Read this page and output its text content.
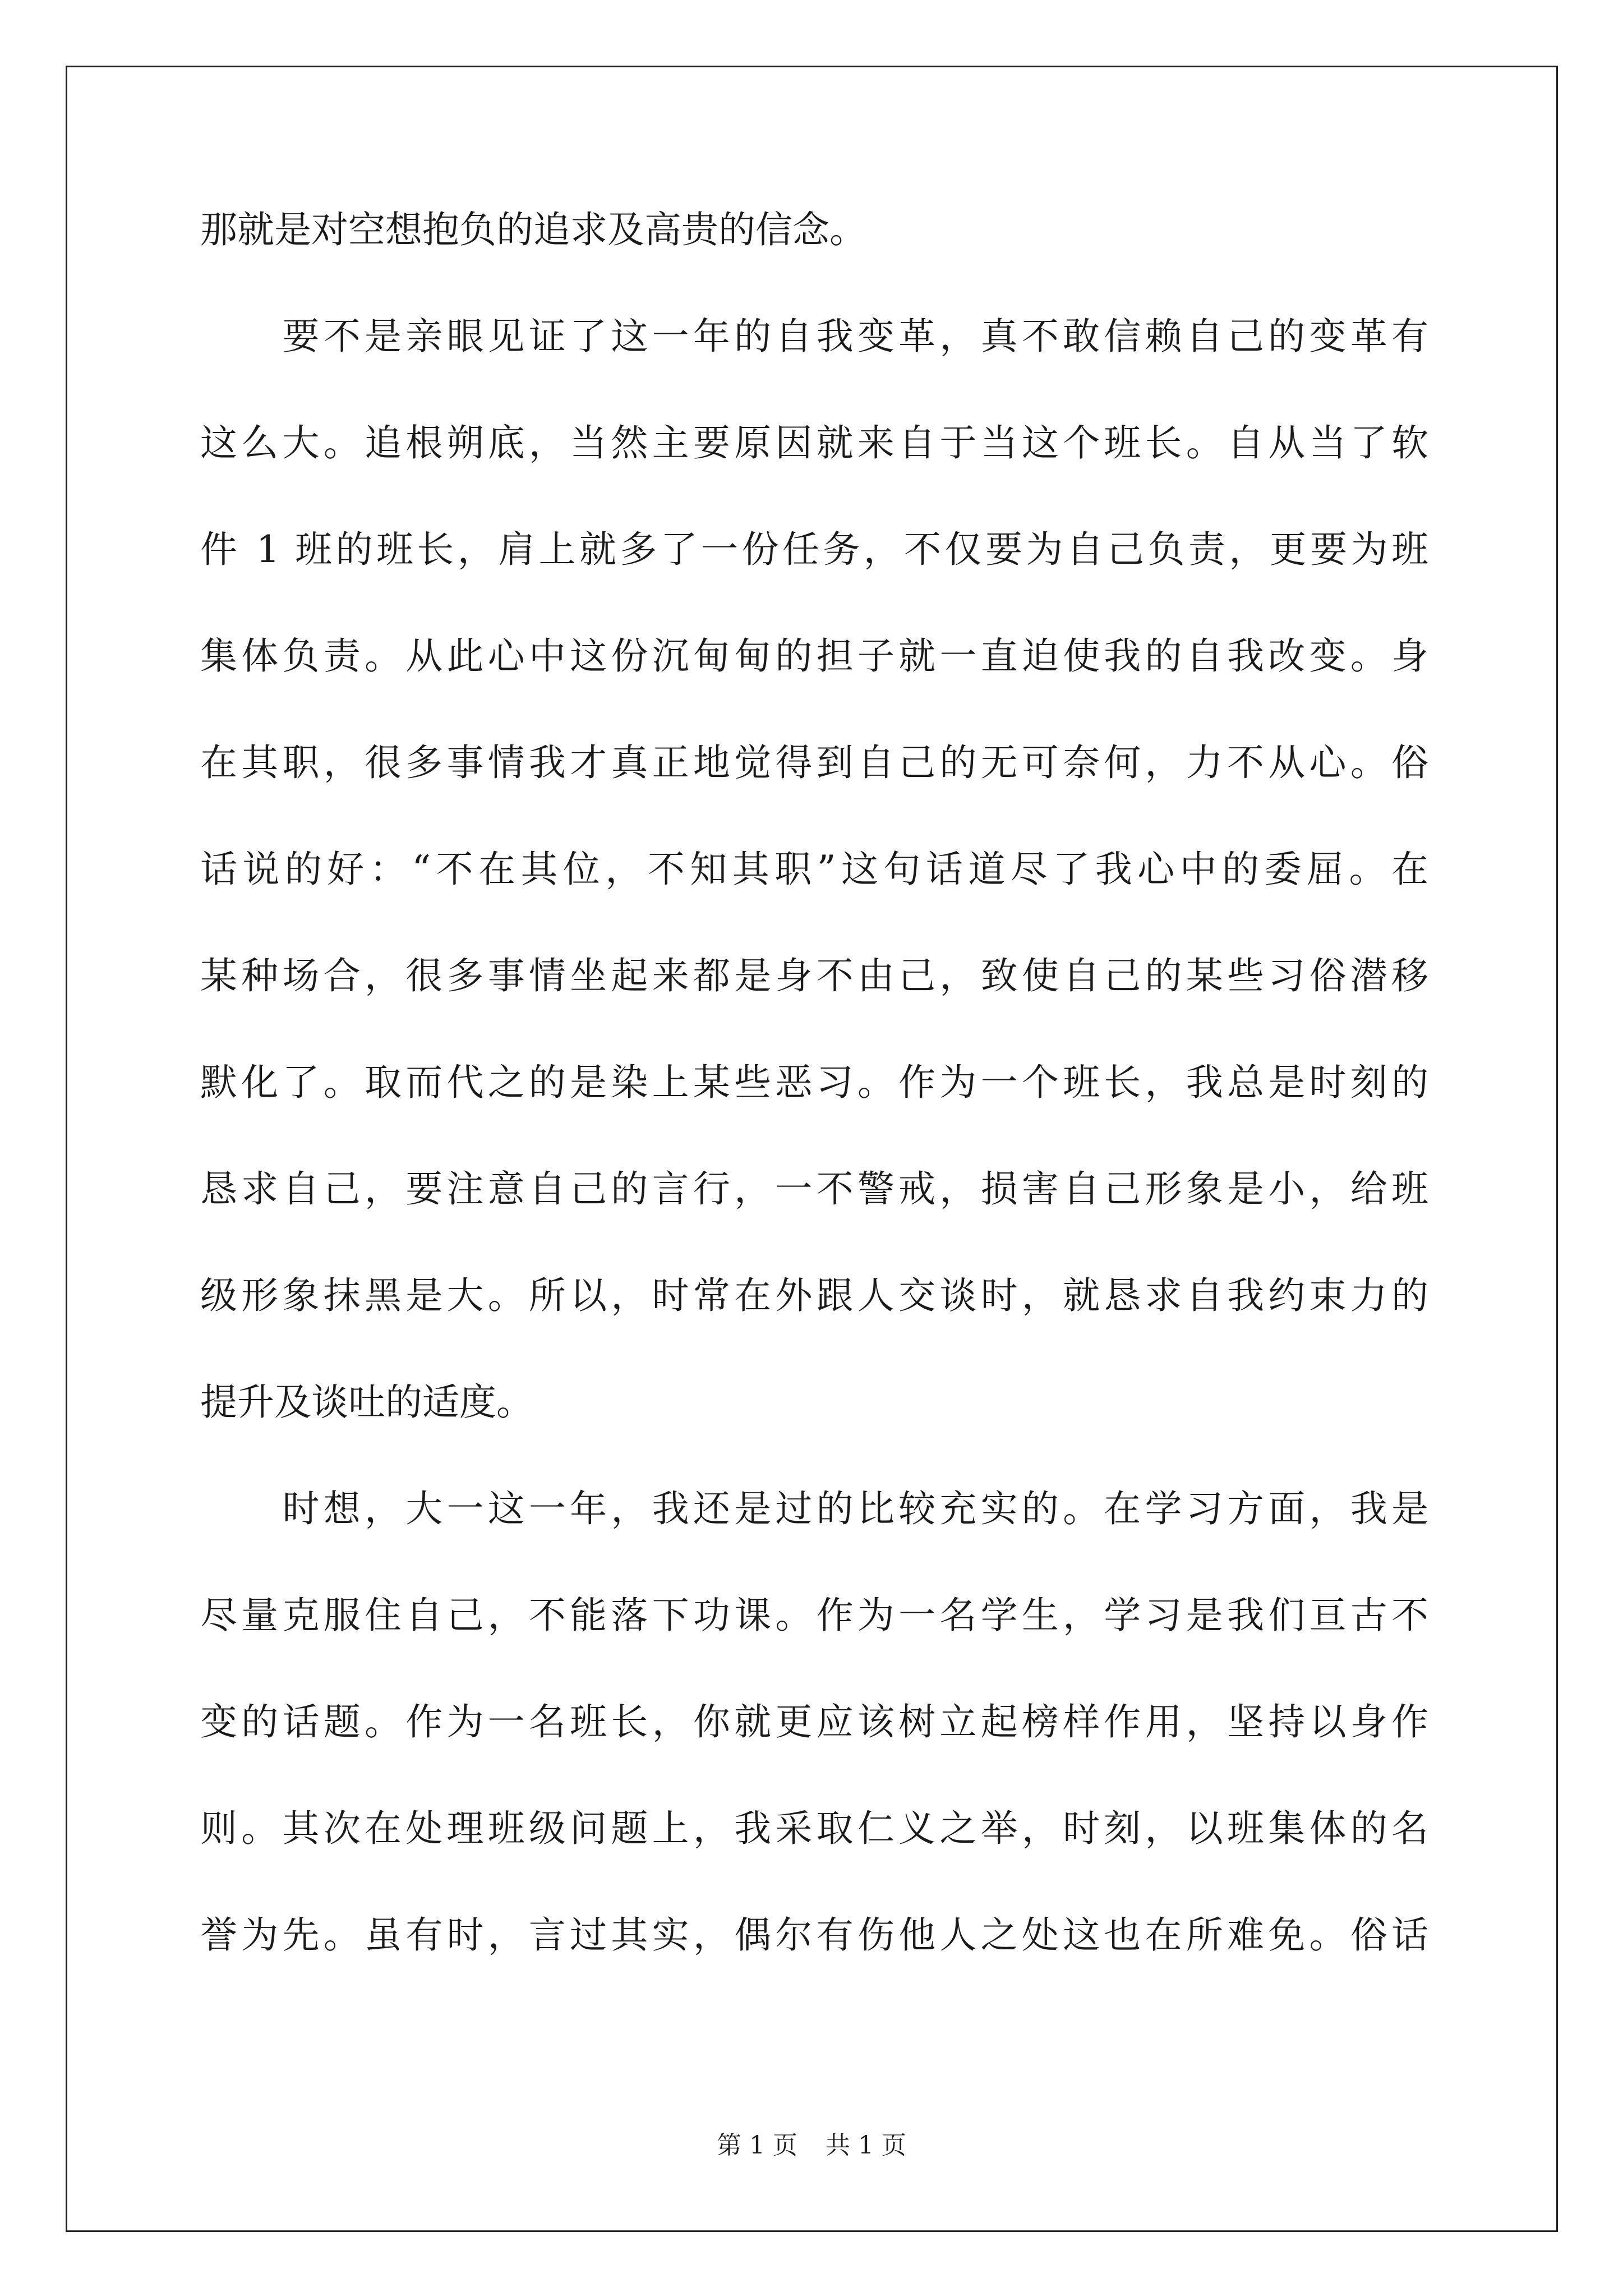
那就是对空想抱负的追求及高贵的信念。
　　要不是亲眼见证了这一年的自我变革，真不敢信赖自己的变革有
这么大。追根朔底，当然主要原因就来自于当这个班长。自从当了软
件 1 班的班长，肩上就多了一份任务，不仅要为自己负责，更要为班
集体负责。从此心中这份沉甸甸的担子就一直迫使我的自我改变。身
在其职，很多事情我才真正地觉得到自己的无可奈何，力不从心。俗
话说的好：“不在其位，不知其职”这句话道尽了我心中的委屈。在
某种场合，很多事情坐起来都是身不由己，致使自己的某些习俗潜移
默化了。取而代之的是染上某些恶习。作为一个班长，我总是时刻的
恳求自己，要注意自己的言行，一不警戒，损害自己形象是小，给班
级形象抹黑是大。所以，时常在外跟人交谈时，就恳求自我约束力的
提升及谈吐的适度。
　　时想，大一这一年，我还是过的比较充实的。在学习方面，我是
尽量克服住自己，不能落下功课。作为一名学生，学习是我们亘古不
变的话题。作为一名班长，你就更应该树立起榜样作用，坚持以身作
则。其次在处理班级问题上，我采取仁义之举，时刻，以班集体的名
誉为先。虽有时，言过其实，偶尔有伤他人之处这也在所难免。俗话
第 1 页 共 1 页
